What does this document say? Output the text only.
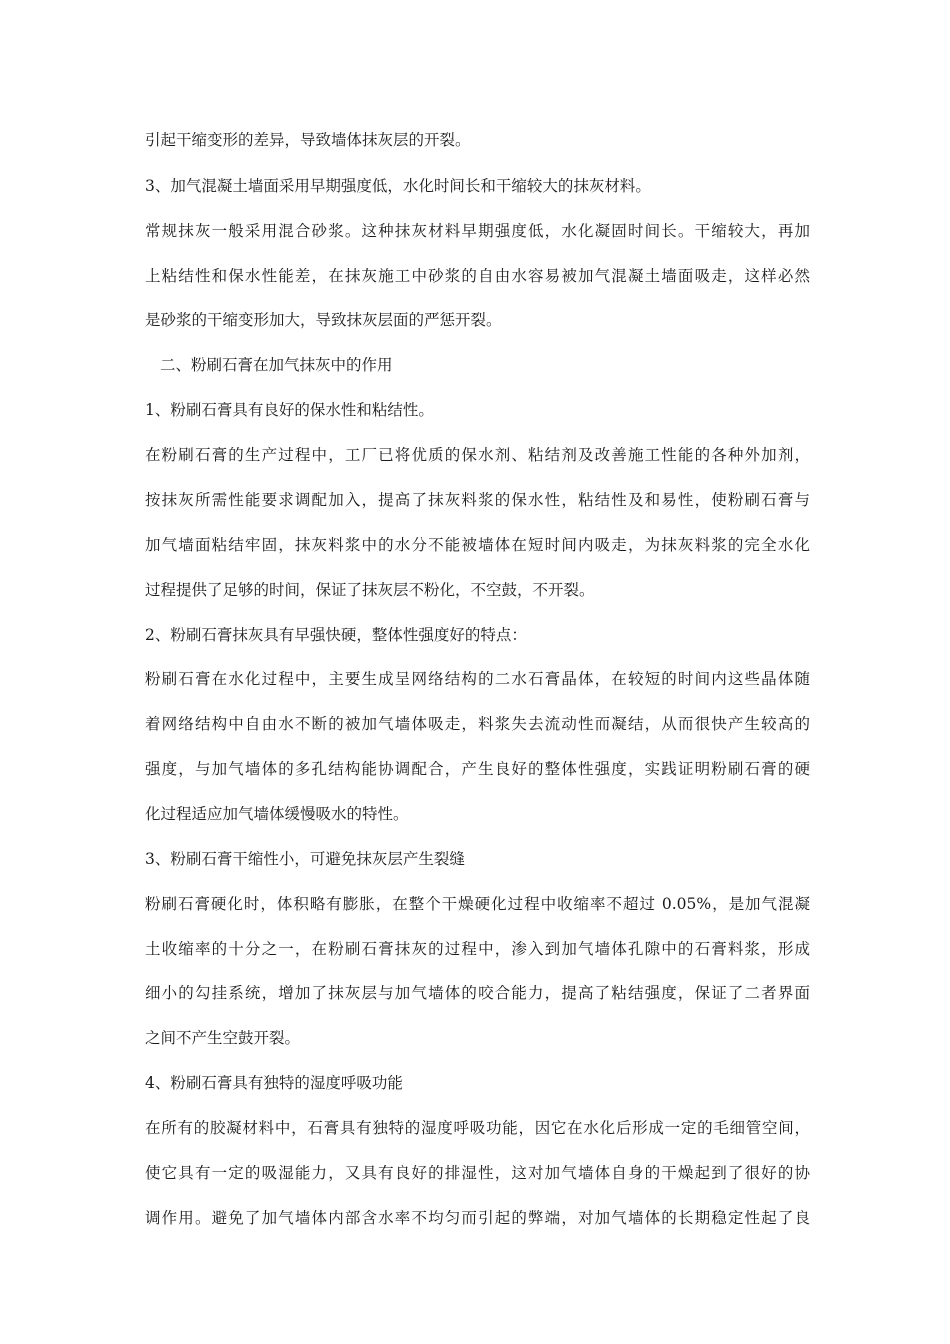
引起干缩变形的差异，导致墙体抹灰层的开裂。
3、加气混凝土墙面采用早期强度低，水化时间长和干缩较大的抹灰材料。
常规抹灰一般采用混合砂浆。这种抹灰材料早期强度低，水化凝固时间长。干缩较大，再加
上粘结性和保水性能差，在抹灰施工中砂浆的自由水容易被加气混凝土墙面吸走，这样必然
是砂浆的干缩变形加大，导致抹灰层面的严惩开裂。
二、粉刷石膏在加气抹灰中的作用
1、粉刷石膏具有良好的保水性和粘结性。
在粉刷石膏的生产过程中，工厂已将优质的保水剂、粘结剂及改善施工性能的各种外加剂，
按抹灰所需性能要求调配加入，提高了抹灰料浆的保水性，粘结性及和易性，使粉刷石膏与
加气墙面粘结牢固，抹灰料浆中的水分不能被墙体在短时间内吸走，为抹灰料浆的完全水化
过程提供了足够的时间，保证了抹灰层不粉化，不空鼓，不开裂。
2、粉刷石膏抹灰具有早强快硬，整体性强度好的特点：
粉刷石膏在水化过程中，主要生成呈网络结构的二水石膏晶体，在较短的时间内这些晶体随
着网络结构中自由水不断的被加气墙体吸走，料浆失去流动性而凝结，从而很快产生较高的
强度，与加气墙体的多孔结构能协调配合，产生良好的整体性强度，实践证明粉刷石膏的硬
化过程适应加气墙体缓慢吸水的特性。
3、粉刷石膏干缩性小，可避免抹灰层产生裂缝
粉刷石膏硬化时，体积略有膨胀，在整个干燥硬化过程中收缩率不超过 0.05%，是加气混凝
土收缩率的十分之一，在粉刷石膏抹灰的过程中，渗入到加气墙体孔隙中的石膏料浆，形成
细小的勾挂系统，增加了抹灰层与加气墙体的咬合能力，提高了粘结强度，保证了二者界面
之间不产生空鼓开裂。
4、粉刷石膏具有独特的湿度呼吸功能
在所有的胶凝材料中，石膏具有独特的湿度呼吸功能，因它在水化后形成一定的毛细管空间，
使它具有一定的吸湿能力，又具有良好的排湿性，这对加气墙体自身的干燥起到了很好的协
调作用。避免了加气墙体内部含水率不均匀而引起的弊端，对加气墙体的长期稳定性起了良
